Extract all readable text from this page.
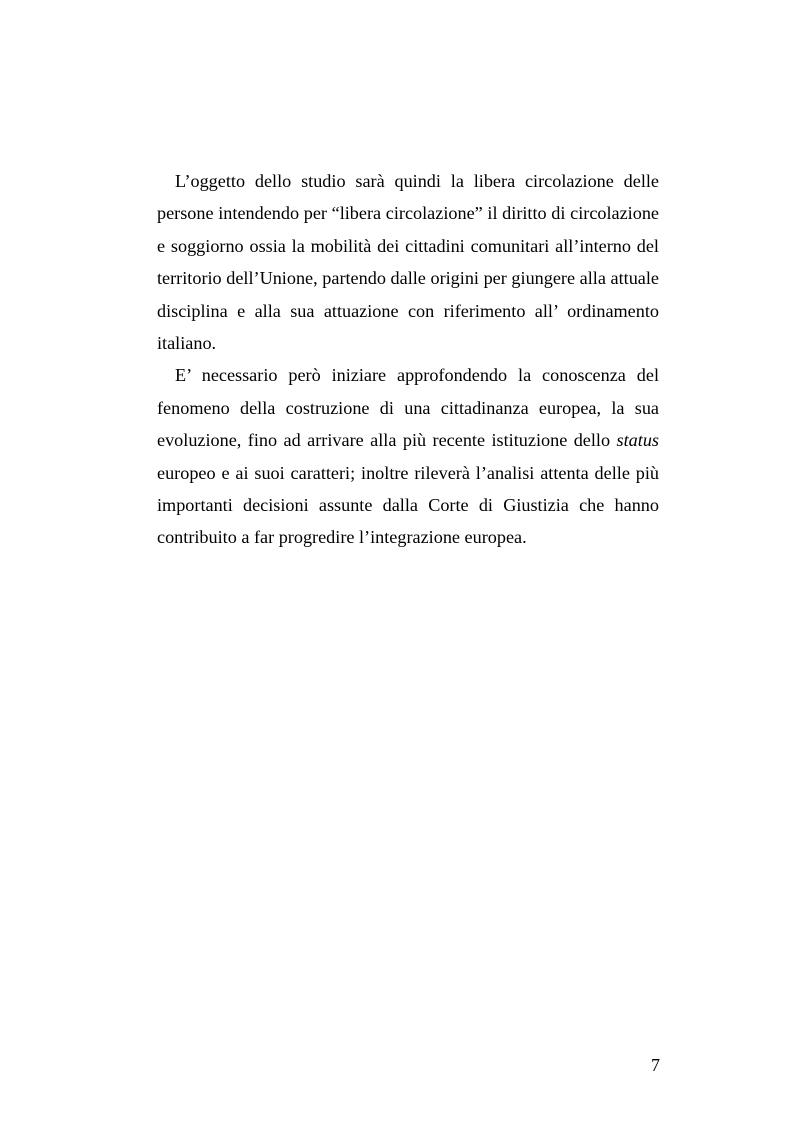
L’oggetto dello studio sarà quindi la libera circolazione delle persone intendendo per “libera circolazione” il diritto di circolazione e soggiorno ossia la mobilità dei cittadini comunitari all’interno del territorio dell’Unione, partendo dalle origini per giungere alla attuale disciplina e alla sua attuazione con riferimento all’ ordinamento italiano.

E’ necessario però iniziare approfondendo la conoscenza del fenomeno della costruzione di una cittadinanza europea, la sua evoluzione, fino ad arrivare alla più recente istituzione dello status europeo e ai suoi caratteri; inoltre rileverà l’analisi attenta delle più importanti decisioni assunte dalla Corte di Giustizia che hanno contribuito a far progredire l’integrazione europea.

7
